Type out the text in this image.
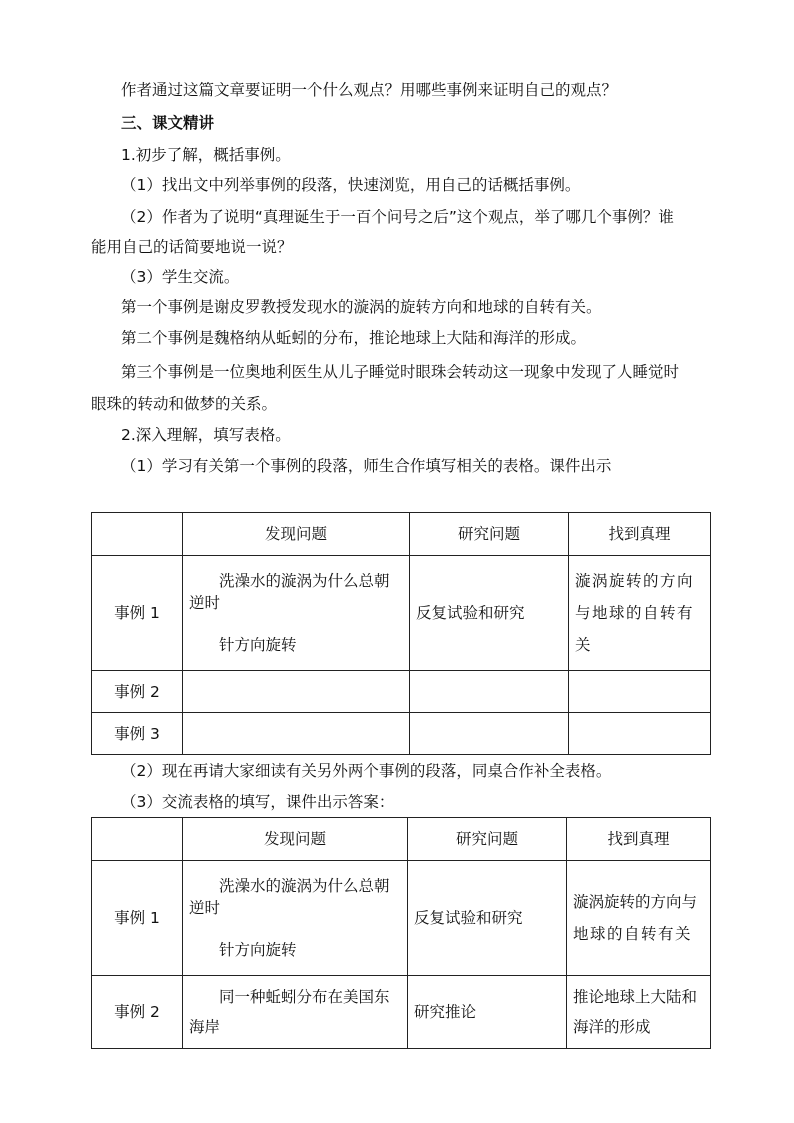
作者通过这篇文章要证明一个什么观点？用哪些事例来证明自己的观点？
三、课文精讲
1.初步了解，概括事例。
（1）找出文中列举事例的段落，快速浏览，用自己的话概括事例。
（2）作者为了说明“真理诞生于一百个问号之后”这个观点，举了哪几个事例？谁
能用自己的话简要地说一说？
（3）学生交流。
第一个事例是谢皮罗教授发现水的漩涡的旋转方向和地球的自转有关。
第二个事例是魏格纳从蚯蚓的分布，推论地球上大陆和海洋的形成。
第三个事例是一位奥地利医生从儿子睡觉时眼珠会转动这一现象中发现了人睡觉时
眼珠的转动和做梦的关系。
2.深入理解，填写表格。
（1）学习有关第一个事例的段落，师生合作填写相关的表格。课件出示
	发现问题	研究问题	找到真理
事例 1	洗澡水的漩涡为什么总朝
逆时
针方向旋转	反复试验和研究	漩涡旋转的方向
与地球的自转有
关

事例 2			
事例 3			
（2）现在再请大家细读有关另外两个事例的段落，同桌合作补全表格。
（3）交流表格的填写，课件出示答案：
	发现问题	研究问题	找到真理
事例 1	洗澡水的漩涡为什么总朝
逆时
针方向旋转	反复试验和研究	漩涡旋转的方向与
地球的自转有关

事例 2	同一种蚯蚓分布在美国东
海岸	研究推论	推论地球上大陆和
海洋的形成
